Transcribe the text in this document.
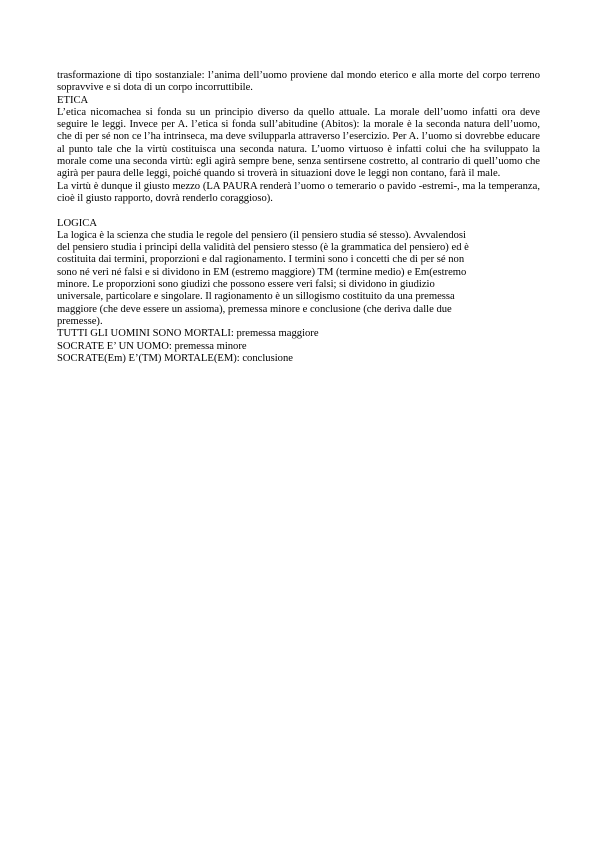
trasformazione di tipo sostanziale: l’anima dell’uomo proviene dal mondo eterico e alla morte del corpo terreno sopravvive e si dota di un corpo incorruttibile.

ETICA

L’etica nicomachea si fonda su un principio diverso da quello attuale. La morale dell’uomo infatti ora deve seguire le leggi. Invece per A. l’etica si fonda sull’abitudine (Abitos): la morale è la seconda natura dell’uomo, che di per sé non ce l’ha intrinseca, ma deve svilupparla attraverso l’esercizio. Per A. l’uomo si dovrebbe educare al punto tale che la virtù costituisca una seconda natura. L’uomo virtuoso è infatti colui che ha sviluppato la morale come una seconda virtù: egli agirà sempre bene, senza sentirsene costretto, al contrario di quell’uomo che agirà per paura delle leggi, poiché quando si troverà in situazioni dove le leggi non contano, farà il male.

La virtù è dunque il giusto mezzo (LA PAURA renderà l’uomo o temerario o pavido -estremi-, ma la temperanza, cioè il giusto rapporto, dovrà renderlo coraggioso).

LOGICA

La logica è la scienza che studia le regole del pensiero (il pensiero studia sé stesso). Avvalendosi

del pensiero studia i principi della validità del pensiero stesso (è la grammatica del pensiero) ed è

costituita dai termini, proporzioni e dal ragionamento. I termini sono i concetti che di per sé non

sono né veri né falsi e si dividono in EM (estremo maggiore) TM (termine medio) e Em(estremo

minore. Le proporzioni sono giudizi che possono essere veri falsi; si dividono in giudizio

universale, particolare e singolare. Il ragionamento è un sillogismo costituito da una premessa

maggiore (che deve essere un assioma), premessa minore e conclusione (che deriva dalle due

premesse).

TUTTI GLI UOMINI SONO MORTALI: premessa maggiore

SOCRATE E’ UN UOMO: premessa minore

SOCRATE(Em) E’(TM) MORTALE(EM): conclusione
